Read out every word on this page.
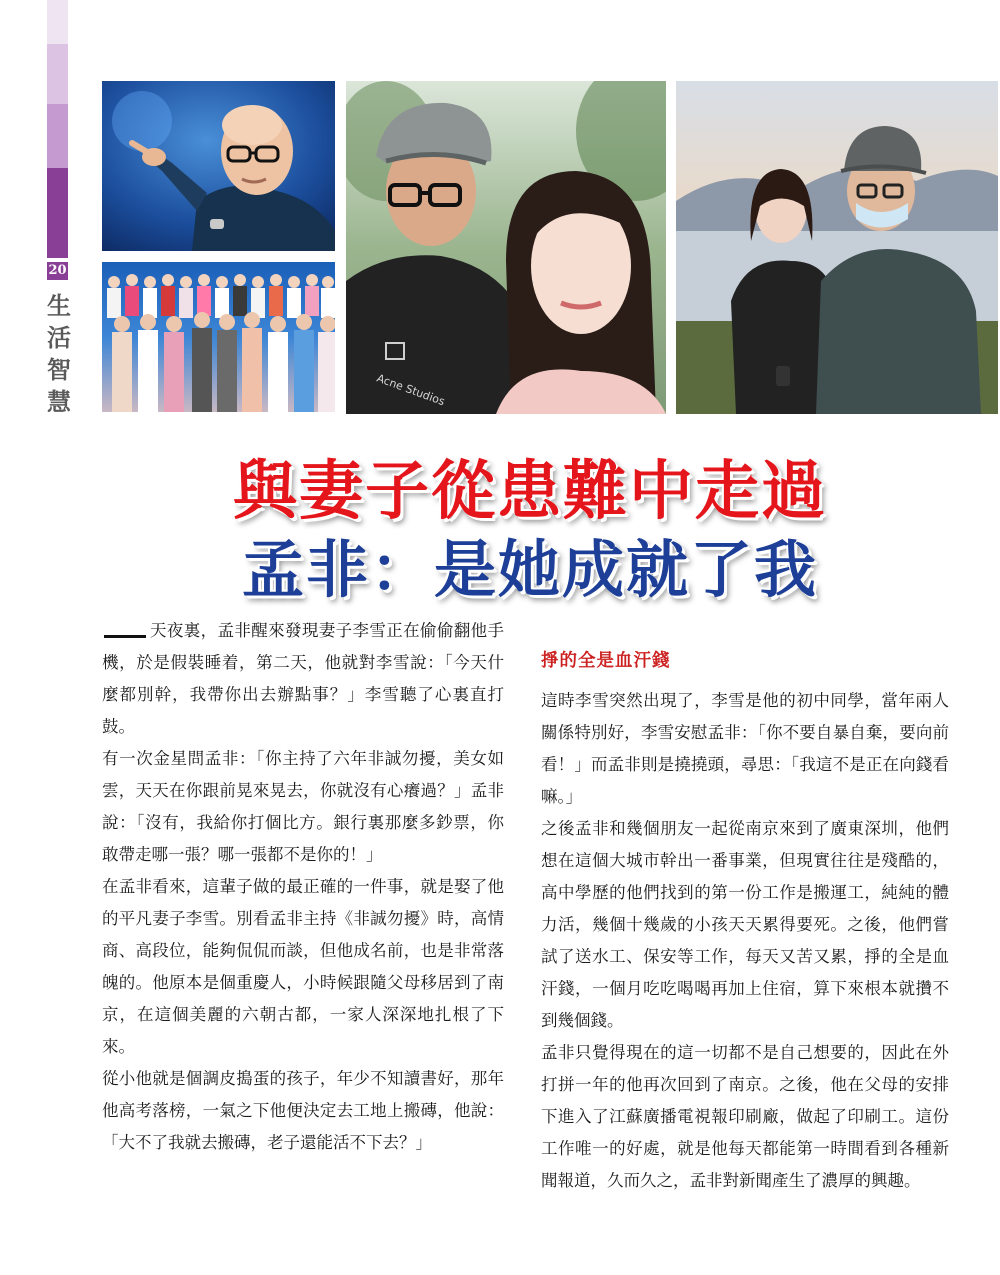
20
生
活
智
慧	Acne Studios
與妻子從患難中走過
孟非：是她成就了我

天夜裏，孟非醒來發現妻子李雪正在偷偷翻他手機，於是假裝睡着，第二天，他就對李雪說：「今天什麼都別幹，我帶你出去辦點事？」李雪聽了心裏直打鼓。

有一次金星問孟非：「你主持了六年非誠勿擾，美女如雲，天天在你跟前晃來晃去，你就沒有心癢過？」孟非說：「沒有，我給你打個比方。銀行裏那麼多鈔票，你敢帶走哪一張？哪一張都不是你的！」

在孟非看來，這輩子做的最正確的一件事，就是娶了他的平凡妻子李雪。別看孟非主持《非誠勿擾》時，高情商、高段位，能夠侃侃而談，但他成名前，也是非常落魄的。他原本是個重慶人，小時候跟隨父母移居到了南京，在這個美麗的六朝古都，一家人深深地扎根了下來。

從小他就是個調皮搗蛋的孩子，年少不知讀書好，那年他高考落榜，一氣之下他便決定去工地上搬磚，他說：「大不了我就去搬磚，老子還能活不下去？」

掙的全是血汗錢

這時李雪突然出現了，李雪是他的初中同學，當年兩人關係特別好，李雪安慰孟非：「你不要自暴自棄，要向前看！」而孟非則是撓撓頭，尋思：「我這不是正在向錢看嘛。」

之後孟非和幾個朋友一起從南京來到了廣東深圳，他們想在這個大城市幹出一番事業，但現實往往是殘酷的，高中學歷的他們找到的第一份工作是搬運工，純純的體力活，幾個十幾歲的小孩天天累得要死。之後，他們嘗試了送水工、保安等工作，每天又苦又累，掙的全是血汗錢，一個月吃吃喝喝再加上住宿，算下來根本就攢不到幾個錢。

孟非只覺得現在的這一切都不是自己想要的，因此在外打拼一年的他再次回到了南京。之後，他在父母的安排下進入了江蘇廣播電視報印刷廠，做起了印刷工。這份工作唯一的好處，就是他每天都能第一時間看到各種新聞報道，久而久之，孟非對新聞產生了濃厚的興趣。
